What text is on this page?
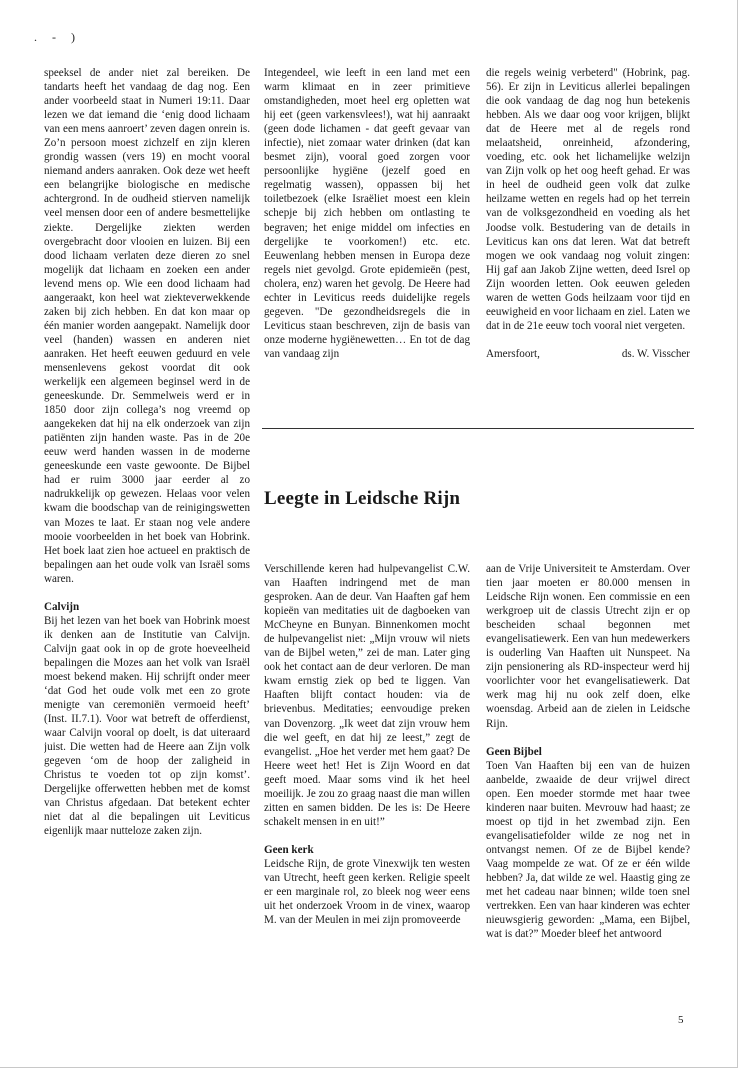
. - )

speeksel de ander niet zal bereiken. De tandarts heeft het vandaag de dag nog. Een ander voorbeeld staat in Numeri 19:11. Daar lezen we dat iemand die ‘enig dood lichaam van een mens aanroert’ zeven dagen onrein is. Zo’n persoon moest zichzelf en zijn kleren grondig wassen (vers 19) en mocht vooral niemand anders aanraken. Ook deze wet heeft een belangrijke biologische en medische achtergrond. In de oudheid stierven namelijk veel mensen door een of andere besmettelijke ziekte. Dergelijke ziekten werden overgebracht door vlooien en luizen. Bij een dood lichaam verlaten deze dieren zo snel mogelijk dat lichaam en zoeken een ander levend mens op. Wie een dood lichaam had aangeraakt, kon heel wat ziekteverwekkende zaken bij zich hebben. En dat kon maar op één manier worden aangepakt. Namelijk door veel (handen) wassen en anderen niet aanraken. Het heeft eeuwen geduurd en vele mensenlevens gekost voordat dit ook werkelijk een algemeen beginsel werd in de geneeskunde. Dr. Semmelweis werd er in 1850 door zijn collega’s nog vreemd op aangekeken dat hij na elk onderzoek van zijn patiënten zijn handen waste. Pas in de 20e eeuw werd handen wassen in de moderne geneeskunde een vaste gewoonte. De Bijbel had er ruim 3000 jaar eerder al zo nadrukkelijk op gewezen. Helaas voor velen kwam die boodschap van de reinigingswetten van Mozes te laat. Er staan nog vele andere mooie voorbeelden in het boek van Hobrink. Het boek laat zien hoe actueel en praktisch de bepalingen aan het oude volk van Israël soms waren.

Calvijn

Bij het lezen van het boek van Hobrink moest ik denken aan de Institutie van Calvijn. Calvijn gaat ook in op de grote hoeveelheid bepalingen die Mozes aan het volk van Israël moest bekend maken. Hij schrijft onder meer ‘dat God het oude volk met een zo grote menigte van ceremoniën vermoeid heeft’ (Inst. II.7.1). Voor wat betreft de offerdienst, waar Calvijn vooral op doelt, is dat uiteraard juist. Die wetten had de Heere aan Zijn volk gegeven ‘om de hoop der zaligheid in Christus te voeden tot op zijn komst’. Dergelijke offerwetten hebben met de komst van Christus afgedaan. Dat betekent echter niet dat al die bepalingen uit Leviticus eigenlijk maar nutteloze zaken zijn.

Integendeel, wie leeft in een land met een warm klimaat en in zeer primitieve omstandigheden, moet heel erg opletten wat hij eet (geen varkensvlees!), wat hij aanraakt (geen dode lichamen - dat geeft gevaar van infectie), niet zomaar water drinken (dat kan besmet zijn), vooral goed zorgen voor persoonlijke hygiëne (jezelf goed en regelmatig wassen), oppassen bij het toiletbezoek (elke Israëliet moest een klein schepje bij zich hebben om ontlasting te begraven; het enige middel om infecties en dergelijke te voorkomen!) etc. etc. Eeuwenlang hebben mensen in Europa deze regels niet gevolgd. Grote epidemieën (pest, cholera, enz) waren het gevolg. De Heere had echter in Leviticus reeds duidelijke regels gegeven. "De gezondheidsregels die in Leviticus staan beschreven, zijn de basis van onze moderne hygiënewetten… En tot de dag van vandaag zijn

die regels weinig verbeterd" (Hobrink, pag. 56). Er zijn in Leviticus allerlei bepalingen die ook vandaag de dag nog hun betekenis hebben. Als we daar oog voor krijgen, blijkt dat de Heere met al de regels rond melaatsheid, onreinheid, afzondering, voeding, etc. ook het lichamelijke welzijn van Zijn volk op het oog heeft gehad. Er was in heel de oudheid geen volk dat zulke heilzame wetten en regels had op het terrein van de volksgezondheid en voeding als het Joodse volk. Bestudering van de details in Leviticus kan ons dat leren. Wat dat betreft mogen we ook vandaag nog voluit zingen: Hij gaf aan Jakob Zijne wetten, deed Isrel op Zijn woorden letten. Ook eeuwen geleden waren de wetten Gods heilzaam voor tijd en eeuwigheid en voor lichaam en ziel. Laten we dat in de 21e eeuw toch vooral niet vergeten.

Amersfoort,	ds. W. Visscher
Leegte in Leidsche Rijn

Verschillende keren had hulpevangelist C.W. van Haaften indringend met de man gesproken. Aan de deur. Van Haaften gaf hem kopieën van meditaties uit de dagboeken van McCheyne en Bunyan. Binnenkomen mocht de hulpevangelist niet: „Mijn vrouw wil niets van de Bijbel weten,” zei de man. Later ging ook het contact aan de deur verloren. De man kwam ernstig ziek op bed te liggen. Van Haaften blijft contact houden: via de brievenbus. Meditaties; eenvoudige preken van Dovenzorg. „Ik weet dat zijn vrouw hem die wel geeft, en dat hij ze leest,” zegt de evangelist. „Hoe het verder met hem gaat? De Heere weet het! Het is Zijn Woord en dat geeft moed. Maar soms vind ik het heel moeilijk. Je zou zo graag naast die man willen zitten en samen bidden. De les is: De Heere schakelt mensen in en uit!”

Geen kerk

Leidsche Rijn, de grote Vinexwijk ten westen van Utrecht, heeft geen kerken. Religie speelt er een marginale rol, zo bleek nog weer eens uit het onderzoek Vroom in de vinex, waarop M. van der Meulen in mei zijn promoveerde

aan de Vrije Universiteit te Amsterdam. Over tien jaar moeten er 80.000 mensen in Leidsche Rijn wonen. Een commissie en een werkgroep uit de classis Utrecht zijn er op bescheiden schaal begonnen met evangelisatiewerk. Een van hun medewerkers is ouderling Van Haaften uit Nunspeet. Na zijn pensionering als RD-inspecteur werd hij voorlichter voor het evangelisatiewerk. Dat werk mag hij nu ook zelf doen, elke woensdag. Arbeid aan de zielen in Leidsche Rijn.

Geen Bijbel

Toen Van Haaften bij een van de huizen aanbelde, zwaaide de deur vrijwel direct open. Een moeder stormde met haar twee kinderen naar buiten. Mevrouw had haast; ze moest op tijd in het zwembad zijn. Een evangelisatiefolder wilde ze nog net in ontvangst nemen. Of ze de Bijbel kende? Vaag mompelde ze wat. Of ze er één wilde hebben? Ja, dat wilde ze wel. Haastig ging ze met het cadeau naar binnen; wilde toen snel vertrekken. Een van haar kinderen was echter nieuwsgierig geworden: „Mama, een Bijbel, wat is dat?” Moeder bleef het antwoord

5
